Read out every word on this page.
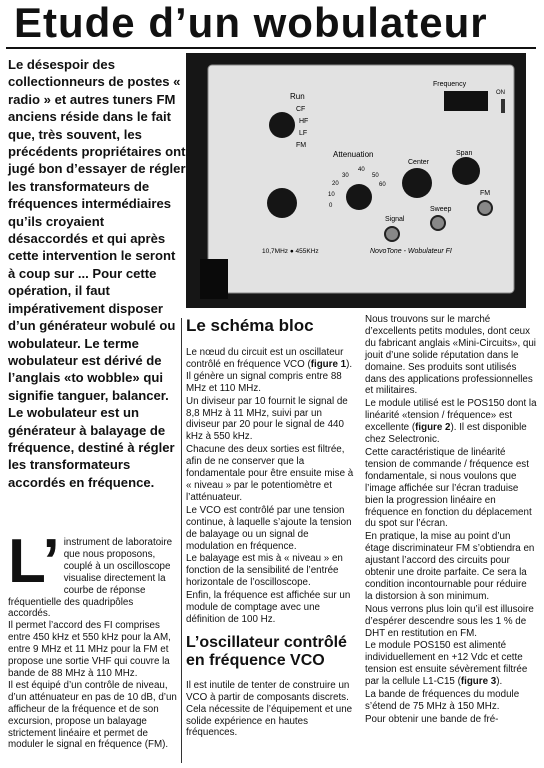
Etude d’un wobulateur

Le désespoir des collectionneurs de postes « radio » et autres tuners FM anciens réside dans le fait que, très souvent, les précédents propriétaires ont jugé bon d’essayer de régler les transformateurs de fréquences intermédiaires qu’ils croyaient désaccordés et qui après cette intervention le seront à coup sur ... Pour cette opération, il faut impérativement disposer d’un générateur wobulé ou wobulateur. Le terme wobulateur est dérivé de l’anglais «to wobble» qui signifie tanguer, balancer. Le wobulateur est un générateur à balayage de fréquence, destiné à régler les transformateurs accordés en fréquence.

Frequency
ON
Run
CF
HF
LF
FM
Attenuation
30
40
50
20	60
10
0
Center
Span
Signal
Sweep
FM
10,7MHz ● 455KHz	NovoTone - Wobulateur FI
Le schéma bloc

Le nœud du circuit est un oscillateur contrôlé en fréquence VCO (figure 1). Il génère un signal compris entre 88 MHz et 110 MHz.

Un diviseur par 10 fournit le signal de 8,8 MHz à 11 MHz, suivi par un diviseur par 20 pour le signal de 440 kHz à 550 kHz.

Chacune des deux sorties est filtrée, afin de ne conserver que la fondamentale pour être ensuite mise à « niveau » par le potentiomètre et l’atténuateur.

Le VCO est contrôlé par une tension continue, à laquelle s’ajoute la tension de balayage ou un signal de modulation en fréquence.

Le balayage est mis à « niveau » en fonction de la sensibilité de l’entrée horizontale de l’oscilloscope.

Enfin, la fréquence est affichée sur un module de comptage avec une définition de 100 Hz.

L’oscillateur contrôlé en fréquence VCO

Il est inutile de tenter de construire un VCO à partir de composants discrets. Cela nécessite de l’équipement et une solide expérience en hautes fréquences.

Nous trouvons sur le marché d’excellents petits modules, dont ceux du fabricant anglais «Mini-Circuits», qui jouit d’une solide réputation dans le domaine. Ses produits sont utilisés dans des applications professionnelles et militaires.

Le module utilisé est le POS150 dont la linéarité «tension / fréquence» est excellente (figure 2). Il est disponible chez Selectronic.

Cette caractéristique de linéarité tension de commande / fréquence est fondamentale, si nous voulons que l’image affichée sur l’écran traduise bien la progression linéaire en fréquence en fonction du déplacement du spot sur l’écran.

En pratique, la mise au point d’un étage discriminateur FM s’obtiendra en ajustant l’accord des circuits pour obtenir une droite parfaite. Ce sera la condition incontournable pour réduire la distorsion à son minimum.

Nous verrons plus loin qu’il est illusoire d’espérer descendre sous les 1 % de DHT en restitution en FM.

Le module POS150 est alimenté individuellement en +12 Vdc et cette tension est ensuite sévèrement filtrée par la cellule L1-C15 (figure 3).

La bande de fréquences du module s’étend de 75 MHz à 150 MHz.

Pour obtenir une bande de fré-

L’ instrument de laboratoire que nous proposons, couplé à un oscilloscope visualise directement la courbe de réponse fréquentielle des quadripôles accordés.

Il permet l’accord des FI comprises entre 450 kHz et 550 kHz pour la AM, entre 9 MHz et 11 MHz pour la FM et propose une sortie VHF qui couvre la bande de 88 MHz à 110 MHz.

Il est équipé d’un contrôle de niveau, d’un atténuateur en pas de 10 dB, d’un afficheur de la fréquence et de son excursion, propose un balayage strictement linéaire et permet de moduler le signal en fréquence (FM).
